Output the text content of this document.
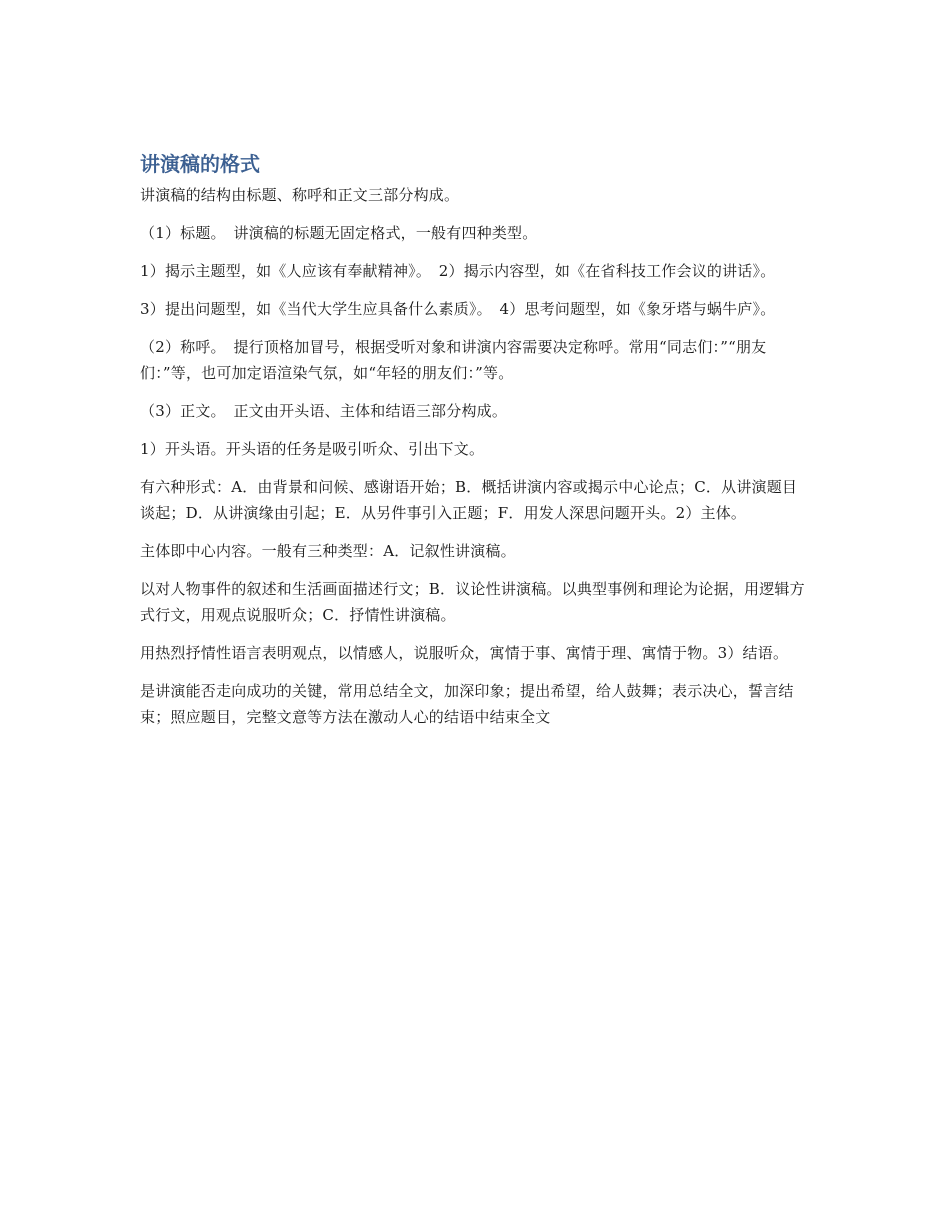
讲演稿的格式

讲演稿的结构由标题、称呼和正文三部分构成。

（1）标题。　讲演稿的标题无固定格式，一般有四种类型。

1）揭示主题型，如《人应该有奉献精神》。　2）揭示内容型，如《在省科技工作会议的讲话》。

3）提出问题型，如《当代大学生应具备什么素质》。　4）思考问题型，如《象牙塔与蜗牛庐》。

（2）称呼。　提行顶格加冒号，根据受听对象和讲演内容需要决定称呼。常用“同志们：”“朋友们：”等，也可加定语渲染气氛，如“年轻的朋友们：”等。

（3）正文。　正文由开头语、主体和结语三部分构成。

1）开头语。开头语的任务是吸引听众、引出下文。

有六种形式：A．由背景和问候、感谢语开始；B．概括讲演内容或揭示中心论点；C．从讲演题目谈起；D．从讲演缘由引起；E．从另件事引入正题；F．用发人深思问题开头。2）主体。

主体即中心内容。一般有三种类型：A．记叙性讲演稿。

以对人物事件的叙述和生活画面描述行文；B．议论性讲演稿。以典型事例和理论为论据，用逻辑方式行文，用观点说服听众；C．抒情性讲演稿。

用热烈抒情性语言表明观点，以情感人，说服听众，寓情于事、寓情于理、寓情于物。3）结语。

是讲演能否走向成功的关键，常用总结全文，加深印象；提出希望，给人鼓舞；表示决心，誓言结束；照应题目，完整文意等方法在激动人心的结语中结束全文
